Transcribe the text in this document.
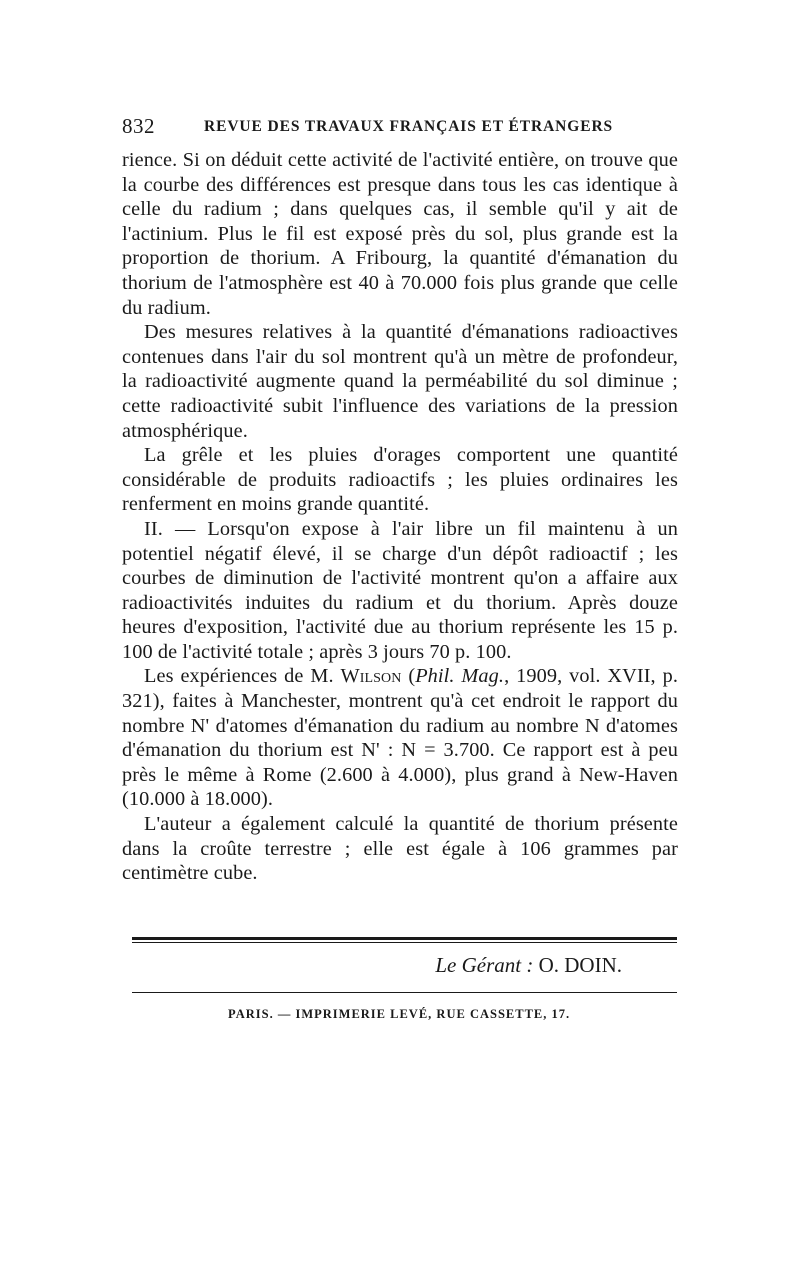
832	REVUE DES TRAVAUX FRANÇAIS ET ÉTRANGERS

rience. Si on déduit cette activité de l'activité entière, on trouve que la courbe des différences est presque dans tous les cas identique à celle du radium ; dans quelques cas, il semble qu'il y ait de l'actinium. Plus le fil est exposé près du sol, plus grande est la proportion de thorium. A Fribourg, la quantité d'émanation du thorium de l'atmosphère est 40 à 70.000 fois plus grande que celle du radium.

Des mesures relatives à la quantité d'émanations radioactives contenues dans l'air du sol montrent qu'à un mètre de profondeur, la radioactivité augmente quand la perméabilité du sol diminue ; cette radioactivité subit l'influence des variations de la pression atmosphérique.

La grêle et les pluies d'orages comportent une quantité considérable de produits radioactifs ; les pluies ordinaires les renferment en moins grande quantité.

II. — Lorsqu'on expose à l'air libre un fil maintenu à un potentiel négatif élevé, il se charge d'un dépôt radioactif ; les courbes de diminution de l'activité montrent qu'on a affaire aux radioactivités induites du radium et du thorium. Après douze heures d'exposition, l'activité due au thorium représente les 15 p. 100 de l'activité totale ; après 3 jours 70 p. 100.

Les expériences de M. Wilson (Phil. Mag., 1909, vol. XVII, p. 321), faites à Manchester, montrent qu'à cet endroit le rapport du nombre N' d'atomes d'émanation du radium au nombre N d'atomes d'émanation du thorium est N' : N = 3.700. Ce rapport est à peu près le même à Rome (2.600 à 4.000), plus grand à New-Haven (10.000 à 18.000).

L'auteur a également calculé la quantité de thorium présente dans la croûte terrestre ; elle est égale à 106 grammes par centimètre cube.

Le Gérant : O. DOIN.
PARIS. — IMPRIMERIE LEVÉ, RUE CASSETTE, 17.
